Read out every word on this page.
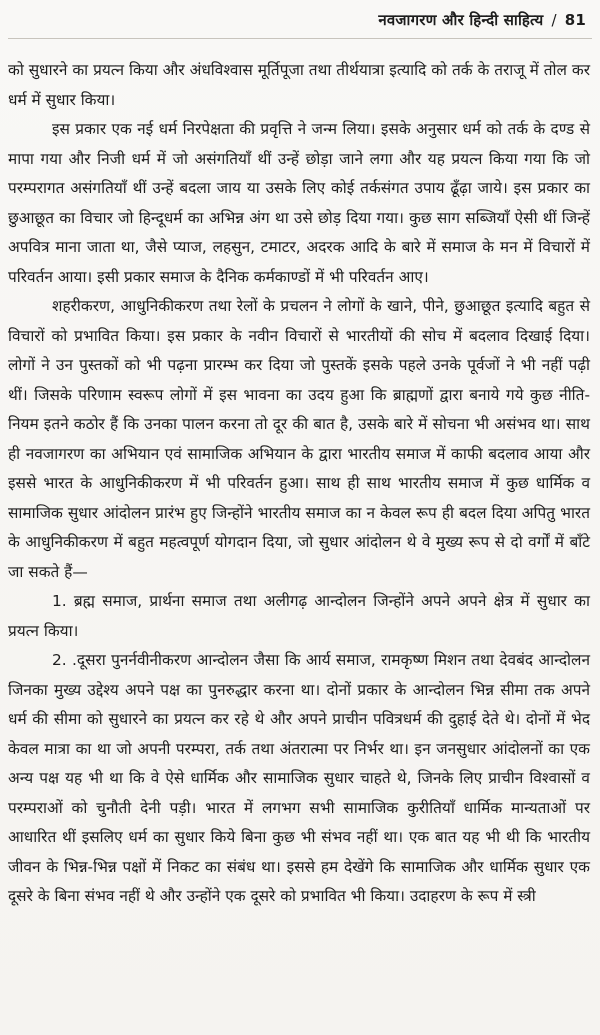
नवजागरण और हिन्दी साहित्य / 81

को सुधारने का प्रयत्न किया और अंधविश्वास मूर्तिपूजा तथा तीर्थयात्रा इत्यादि को तर्क के तराजू में तोल कर धर्म में सुधार किया।

इस प्रकार एक नई धर्म निरपेक्षता की प्रवृत्ति ने जन्म लिया। इसके अनुसार धर्म को तर्क के दण्ड से मापा गया और निजी धर्म में जो असंगतियाँ थीं उन्हें छोड़ा जाने लगा और यह प्रयत्न किया गया कि जो परम्परागत असंगतियाँ थीं उन्हें बदला जाय या उसके लिए कोई तर्कसंगत उपाय ढूँढ़ा जाये। इस प्रकार का छुआछूत का विचार जो हिन्दूधर्म का अभिन्न अंग था उसे छोड़ दिया गया। कुछ साग सब्जियाँ ऐसी थीं जिन्हें अपवित्र माना जाता था, जैसे प्याज, लहसुन, टमाटर, अदरक आदि के बारे में समाज के मन में विचारों में परिवर्तन आया। इसी प्रकार समाज के दैनिक कर्मकाण्डों में भी परिवर्तन आए।

शहरीकरण, आधुनिकीकरण तथा रेलों के प्रचलन ने लोगों के खाने, पीने, छुआछूत इत्यादि बहुत से विचारों को प्रभावित किया। इस प्रकार के नवीन विचारों से भारतीयों की सोच में बदलाव दिखाई दिया। लोगों ने उन पुस्तकों को भी पढ़ना प्रारम्भ कर दिया जो पुस्तकें इसके पहले उनके पूर्वजों ने भी नहीं पढ़ी थीं। जिसके परिणाम स्वरूप लोगों में इस भावना का उदय हुआ कि ब्राह्मणों द्वारा बनाये गये कुछ नीति-नियम इतने कठोर हैं कि उनका पालन करना तो दूर की बात है, उसके बारे में सोचना भी असंभव था। साथ ही नवजागरण का अभियान एवं सामाजिक अभियान के द्वारा भारतीय समाज में काफी बदलाव आया और इससे भारत के आधुनिकीकरण में भी परिवर्तन हुआ। साथ ही साथ भारतीय समाज में कुछ धार्मिक व सामाजिक सुधार आंदोलन प्रारंभ हुए जिन्होंने भारतीय समाज का न केवल रूप ही बदल दिया अपितु भारत के आधुनिकीकरण में बहुत महत्वपूर्ण योगदान दिया, जो सुधार आंदोलन थे वे मुख्य रूप से दो वर्गों में बाँटे जा सकते हैं—

1. ब्रह्म समाज, प्रार्थना समाज तथा अलीगढ़ आन्दोलन जिन्होंने अपने अपने क्षेत्र में सुधार का प्रयत्न किया।

2. .दूसरा पुनर्नवीनीकरण आन्दोलन जैसा कि आर्य समाज, रामकृष्ण मिशन तथा देवबंद आन्दोलन जिनका मुख्य उद्देश्य अपने पक्ष का पुनरुद्धार करना था। दोनों प्रकार के आन्दोलन भिन्न सीमा तक अपने धर्म की सीमा को सुधारने का प्रयत्न कर रहे थे और अपने प्राचीन पवित्रधर्म की दुहाई देते थे। दोनों में भेद केवल मात्रा का था जो अपनी परम्परा, तर्क तथा अंतरात्मा पर निर्भर था। इन जनसुधार आंदोलनों का एक अन्य पक्ष यह भी था कि वे ऐसे धार्मिक और सामाजिक सुधार चाहते थे, जिनके लिए प्राचीन विश्वासों व परम्पराओं को चुनौती देनी पड़ी। भारत में लगभग सभी सामाजिक कुरीतियाँ धार्मिक मान्यताओं पर आधारित थीं इसलिए धर्म का सुधार किये बिना कुछ भी संभव नहीं था। एक बात यह भी थी कि भारतीय जीवन के भिन्न-भिन्न पक्षों में निकट का संबंध था। इससे हम देखेंगे कि सामाजिक और धार्मिक सुधार एक दूसरे के बिना संभव नहीं थे और उन्होंने एक दूसरे को प्रभावित भी किया। उदाहरण के रूप में स्त्री
